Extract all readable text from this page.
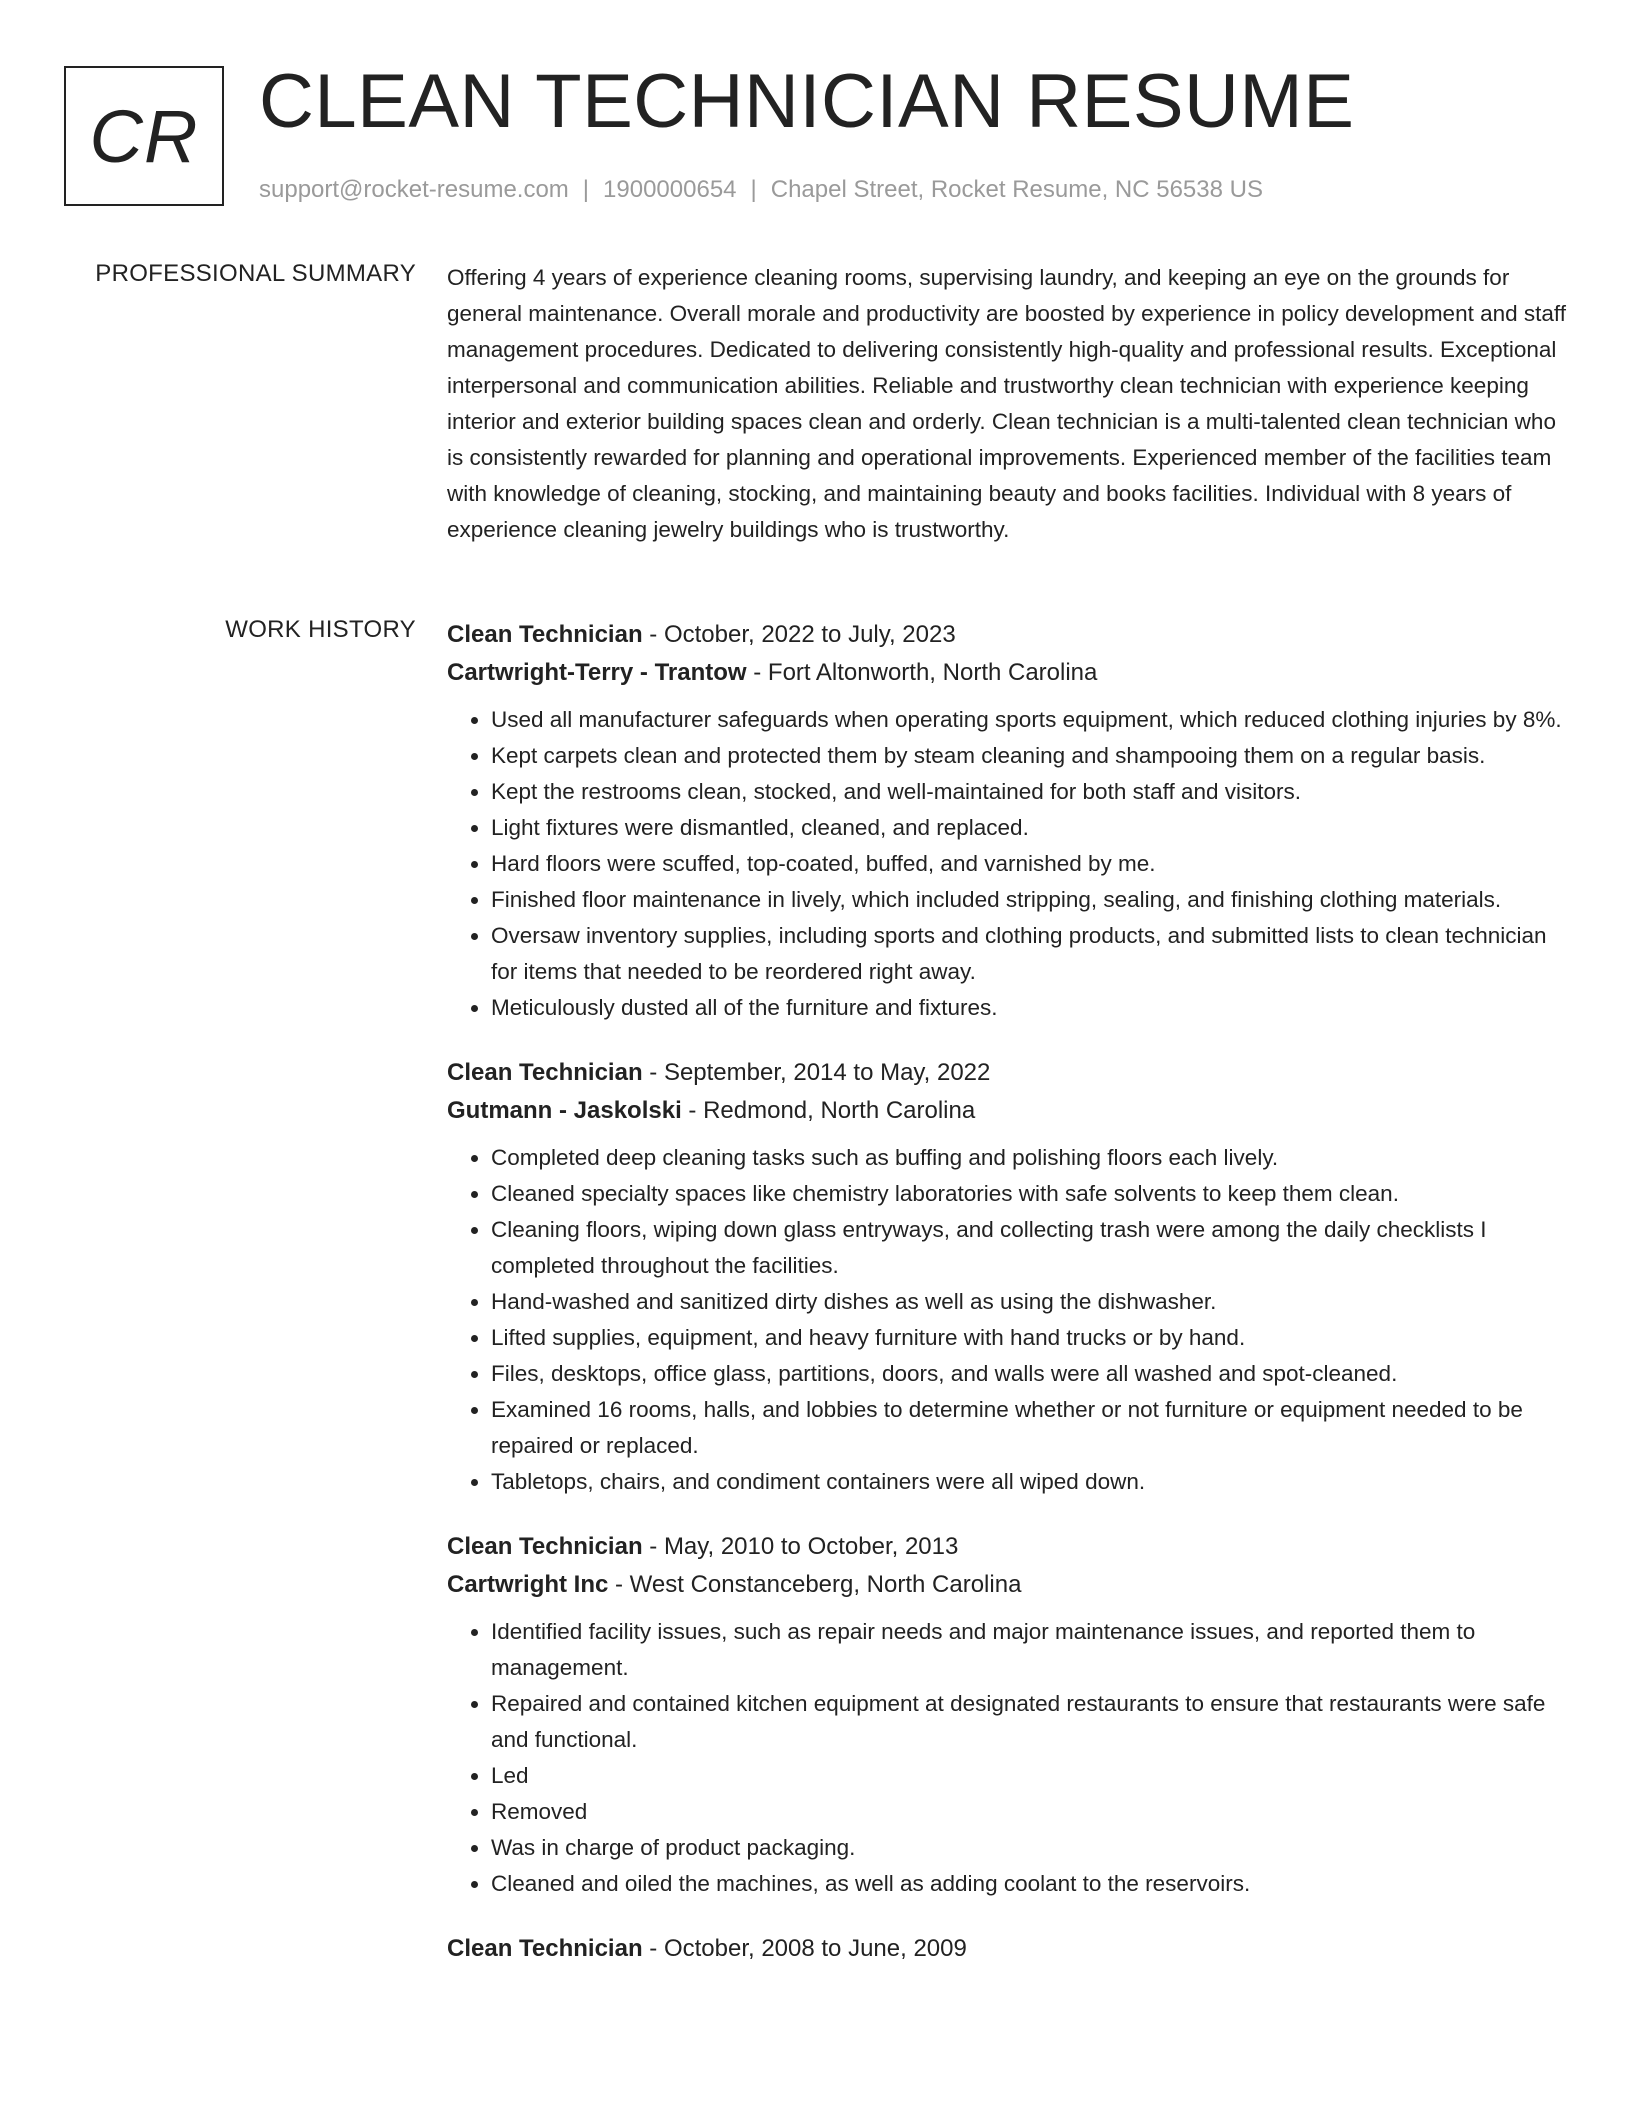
CR CLEAN TECHNICIAN RESUME
support@rocket-resume.com | 1900000654 | Chapel Street, Rocket Resume, NC 56538 US
PROFESSIONAL SUMMARY Offering 4 years of experience cleaning rooms, supervising laundry, and keeping an eye on the grounds for general maintenance. Overall morale and productivity are boosted by experience in policy development and staff management procedures. Dedicated to delivering consistently high-quality and professional results. Exceptional interpersonal and communication abilities. Reliable and trustworthy clean technician with experience keeping interior and exterior building spaces clean and orderly. Clean technician is a multi-talented clean technician who is consistently rewarded for planning and operational improvements. Experienced member of the facilities team with knowledge of cleaning, stocking, and maintaining beauty and books facilities. Individual with 8 years of experience cleaning jewelry buildings who is trustworthy.

WORK HISTORY Clean Technician - October, 2022 to July, 2023
Cartwright-Terry - Trantow - Fort Altonworth, North Carolina
• Used all manufacturer safeguards when operating sports equipment, which reduced clothing injuries by 8%.
• Kept carpets clean and protected them by steam cleaning and shampooing them on a regular basis.
• Kept the restrooms clean, stocked, and well-maintained for both staff and visitors.
• Light fixtures were dismantled, cleaned, and replaced.
• Hard floors were scuffed, top-coated, buffed, and varnished by me.
• Finished floor maintenance in lively, which included stripping, sealing, and finishing clothing materials.
• Oversaw inventory supplies, including sports and clothing products, and submitted lists to clean technician for items that needed to be reordered right away.
• Meticulously dusted all of the furniture and fixtures.
Clean Technician - September, 2014 to May, 2022
Gutmann - Jaskolski - Redmond, North Carolina
• Completed deep cleaning tasks such as buffing and polishing floors each lively.
• Cleaned specialty spaces like chemistry laboratories with safe solvents to keep them clean.
• Cleaning floors, wiping down glass entryways, and collecting trash were among the daily checklists I completed throughout the facilities.
• Hand-washed and sanitized dirty dishes as well as using the dishwasher.
• Lifted supplies, equipment, and heavy furniture with hand trucks or by hand.
• Files, desktops, office glass, partitions, doors, and walls were all washed and spot-cleaned.
• Examined 16 rooms, halls, and lobbies to determine whether or not furniture or equipment needed to be repaired or replaced.
• Tabletops, chairs, and condiment containers were all wiped down.
Clean Technician - May, 2010 to October, 2013
Cartwright Inc - West Constanceberg, North Carolina
• Identified facility issues, such as repair needs and major maintenance issues, and reported them to management.
• Repaired and contained kitchen equipment at designated restaurants to ensure that restaurants were safe and functional.
• Led
• Removed
• Was in charge of product packaging.
• Cleaned and oiled the machines, as well as adding coolant to the reservoirs.
Clean Technician - October, 2008 to June, 2009
